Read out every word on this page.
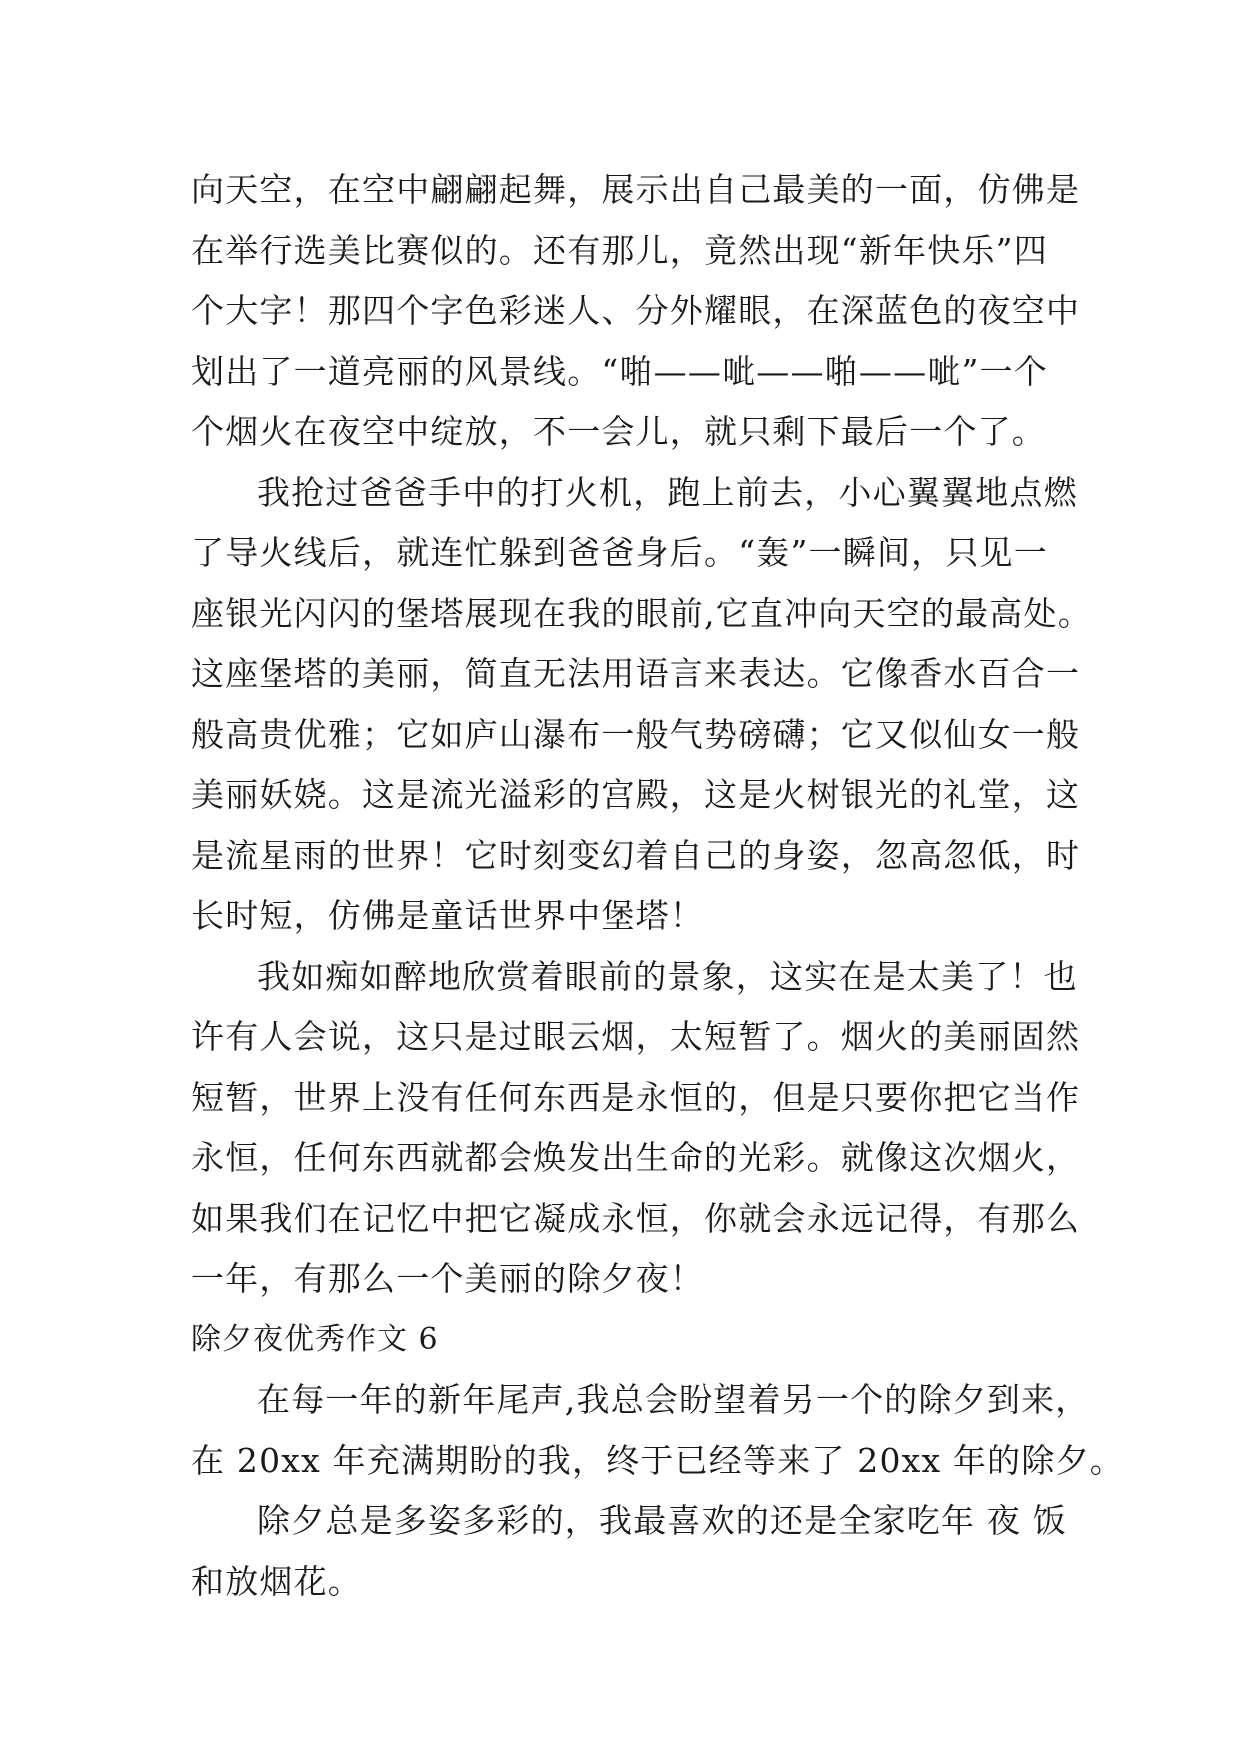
向天空，在空中翩翩起舞，展示出自己最美的一面，仿佛是
在举行选美比赛似的。还有那儿，竟然出现“新年快乐”四
个大字！那四个字色彩迷人、分外耀眼，在深蓝色的夜空中
划出了一道亮丽的风景线。“啪——呲——啪——呲”一个
个烟火在夜空中绽放，不一会儿，就只剩下最后一个了。
我抢过爸爸手中的打火机，跑上前去，小心翼翼地点燃
了导火线后，就连忙躲到爸爸身后。“轰”一瞬间，只见一
座银光闪闪的堡塔展现在我的眼前,它直冲向天空的最高处。
这座堡塔的美丽，简直无法用语言来表达。它像香水百合一
般高贵优雅；它如庐山瀑布一般气势磅礴；它又似仙女一般
美丽妖娆。这是流光溢彩的宫殿，这是火树银光的礼堂，这
是流星雨的世界！它时刻变幻着自己的身姿，忽高忽低，时
长时短，仿佛是童话世界中堡塔！
我如痴如醉地欣赏着眼前的景象，这实在是太美了！也
许有人会说，这只是过眼云烟，太短暂了。烟火的美丽固然
短暂，世界上没有任何东西是永恒的，但是只要你把它当作
永恒，任何东西就都会焕发出生命的光彩。就像这次烟火，
如果我们在记忆中把它凝成永恒，你就会永远记得，有那么
一年，有那么一个美丽的除夕夜！
除夕夜优秀作文 6
在每一年的新年尾声,我总会盼望着另一个的除夕到来，
在 20xx 年充满期盼的我，终于已经等来了 20xx 年的除夕。
除夕总是多姿多彩的，我最喜欢的还是全家吃年 夜 饭
和放烟花。
